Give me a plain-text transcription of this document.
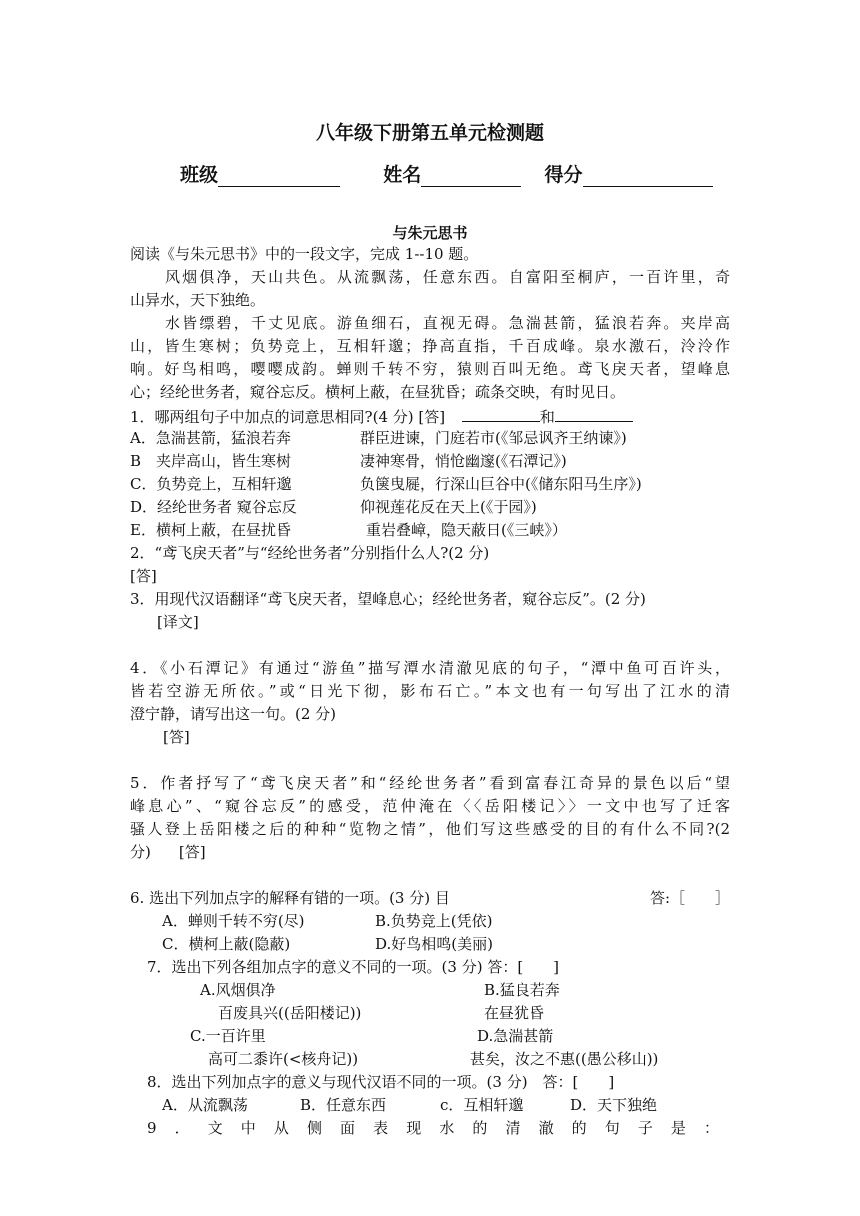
八年级下册第五单元检测题
班级	姓名	得分
与朱元思书
阅读《与朱元思书》中的一段文字，完成 1--10 题。
风烟俱净，天山共色。从流飘荡，任意东西。自富阳至桐庐，一百许里，奇
山异水，天下独绝。
水皆缥碧，千丈见底。游鱼细石，直视无碍。急湍甚箭，猛浪若奔。夹岸高
山，皆生寒树；负势竞上，互相轩邈；挣高直指，千百成峰。泉水激石，泠泠作
响。好鸟相鸣，嘤嘤成韵。蝉则千转不穷，猿则百叫无绝。鸢飞戾天者，望峰息
心；经纶世务者，窥谷忘反。横柯上蔽，在昼犹昏；疏条交映，有时见日。
1．哪两组句子中加点的词意思相同?(4 分) [答]	和
A．急湍甚箭，猛浪若奔	群臣进谏，门庭若市(《邹忌讽齐王纳谏》)
B　夹岸高山，皆生寒树	凄神寒骨，悄怆幽邃(《石潭记》)
C．负势竞上，互相轩邈	负箧曳屣，行深山巨谷中(《储东阳马生序》)
D．经纶世务者 窥谷忘反	仰视莲花反在天上(《于园》)
E．横柯上蔽，在昼扰昏	重岩叠嶂，隐天蔽日(《三峡》）
2．“鸢飞戾天者”与“经纶世务者”分别指什么人?(2 分)
[答]
3．用现代汉语翻译“鸢飞戾天者，望峰息心；经纶世务者，窥谷忘反”。(2 分)
[译文]
4．《小石潭记》有通过“游鱼”描写潭水清澈见底的句子，“潭中鱼可百许头，
皆若空游无所依。”或“日光下彻，影布石亡。”本文也有一句写出了江水的清
澄宁静，请写出这一句。(2 分)
[答]
5．作者抒写了“鸢飞戾天者”和“经纶世务者”看到富春江奇异的景色以后“望
峰息心”、“窥谷忘反”的感受，范仲淹在〈〈岳阳楼记〉〉一文中也写了迁客
骚人登上岳阳楼之后的种种“览物之情”，他们写这些感受的目的有什么不同?(2
分) [答]
6. 选出下列加点字的解释有错的一项。(3 分) 目	答:［　　］
A．蝉则千转不穷(尽)	B.负势竞上(凭依)
C．横柯上蔽(隐蔽)	D.好鸟相鸣(美丽)
7．选出下列各组加点字的意义不同的一项。(3 分) 答：[　　]
A.风烟俱净	B.猛良若奔
百废具兴((岳阳楼记))	在昼犹昏
C.一百许里	D.急湍甚箭
高可二黍许(<核舟记))	甚矣，汝之不惠((愚公移山))
8．选出下列加点字的意义与现代汉语不同的一项。(3 分)　答：[　　]
A．从流飘荡	B．任意东西	c．互相轩邈	D．天下独绝
9．文中从侧面表现水的清澈的句子是：
